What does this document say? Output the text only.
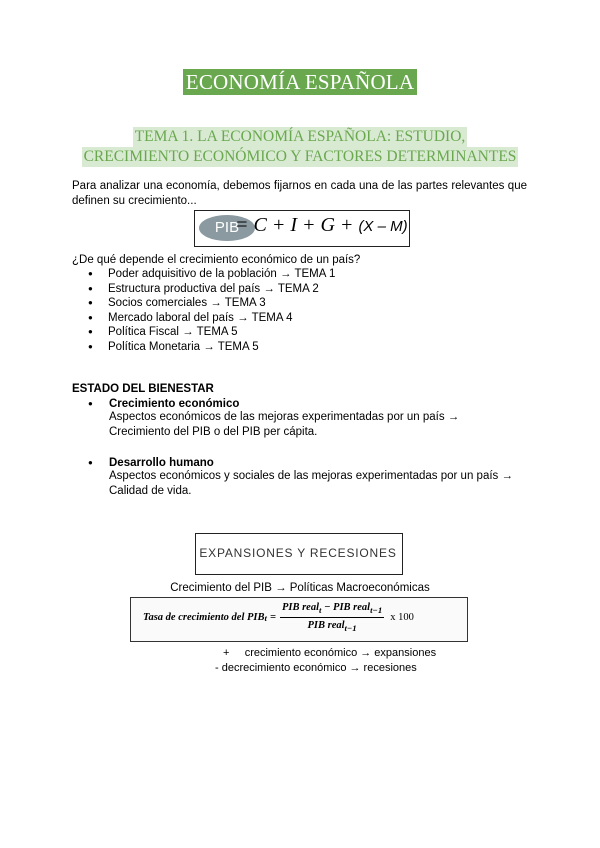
ECONOMÍA ESPAÑOLA
TEMA 1. LA ECONOMÍA ESPAÑOLA: ESTUDIO,
CRECIMIENTO ECONÓMICO Y FACTORES DETERMINANTES
Para analizar una economía, debemos fijarnos en cada una de las partes relevantes que definen su crecimiento...
PIB
= C + I + G + (X – M)
¿De qué depende el crecimiento económico de un país?
● Poder adquisitivo de la población → TEMA 1
● Estructura productiva del país → TEMA 2
● Socios comerciales → TEMA 3
● Mercado laboral del país → TEMA 4
● Política Fiscal → TEMA 5
● Política Monetaria → TEMA 5
ESTADO DEL BIENESTAR
● Crecimiento económico
Aspectos económicos de las mejoras experimentadas por un país →
Crecimiento del PIB o del PIB per cápita.
● Desarrollo humano
Aspectos económicos y sociales de las mejoras experimentadas por un país →
Calidad de vida.
EXPANSIONES Y RECESIONES
Crecimiento del PIB → Políticas Macroeconómicas
Tasa de crecimiento del PIB $t = \frac{PIB real_t - PIB real_{t-1}}{PIB real_{t-1}}$ x 100
+     crecimiento económico → expansiones
- decrecimiento económico → recesiones
